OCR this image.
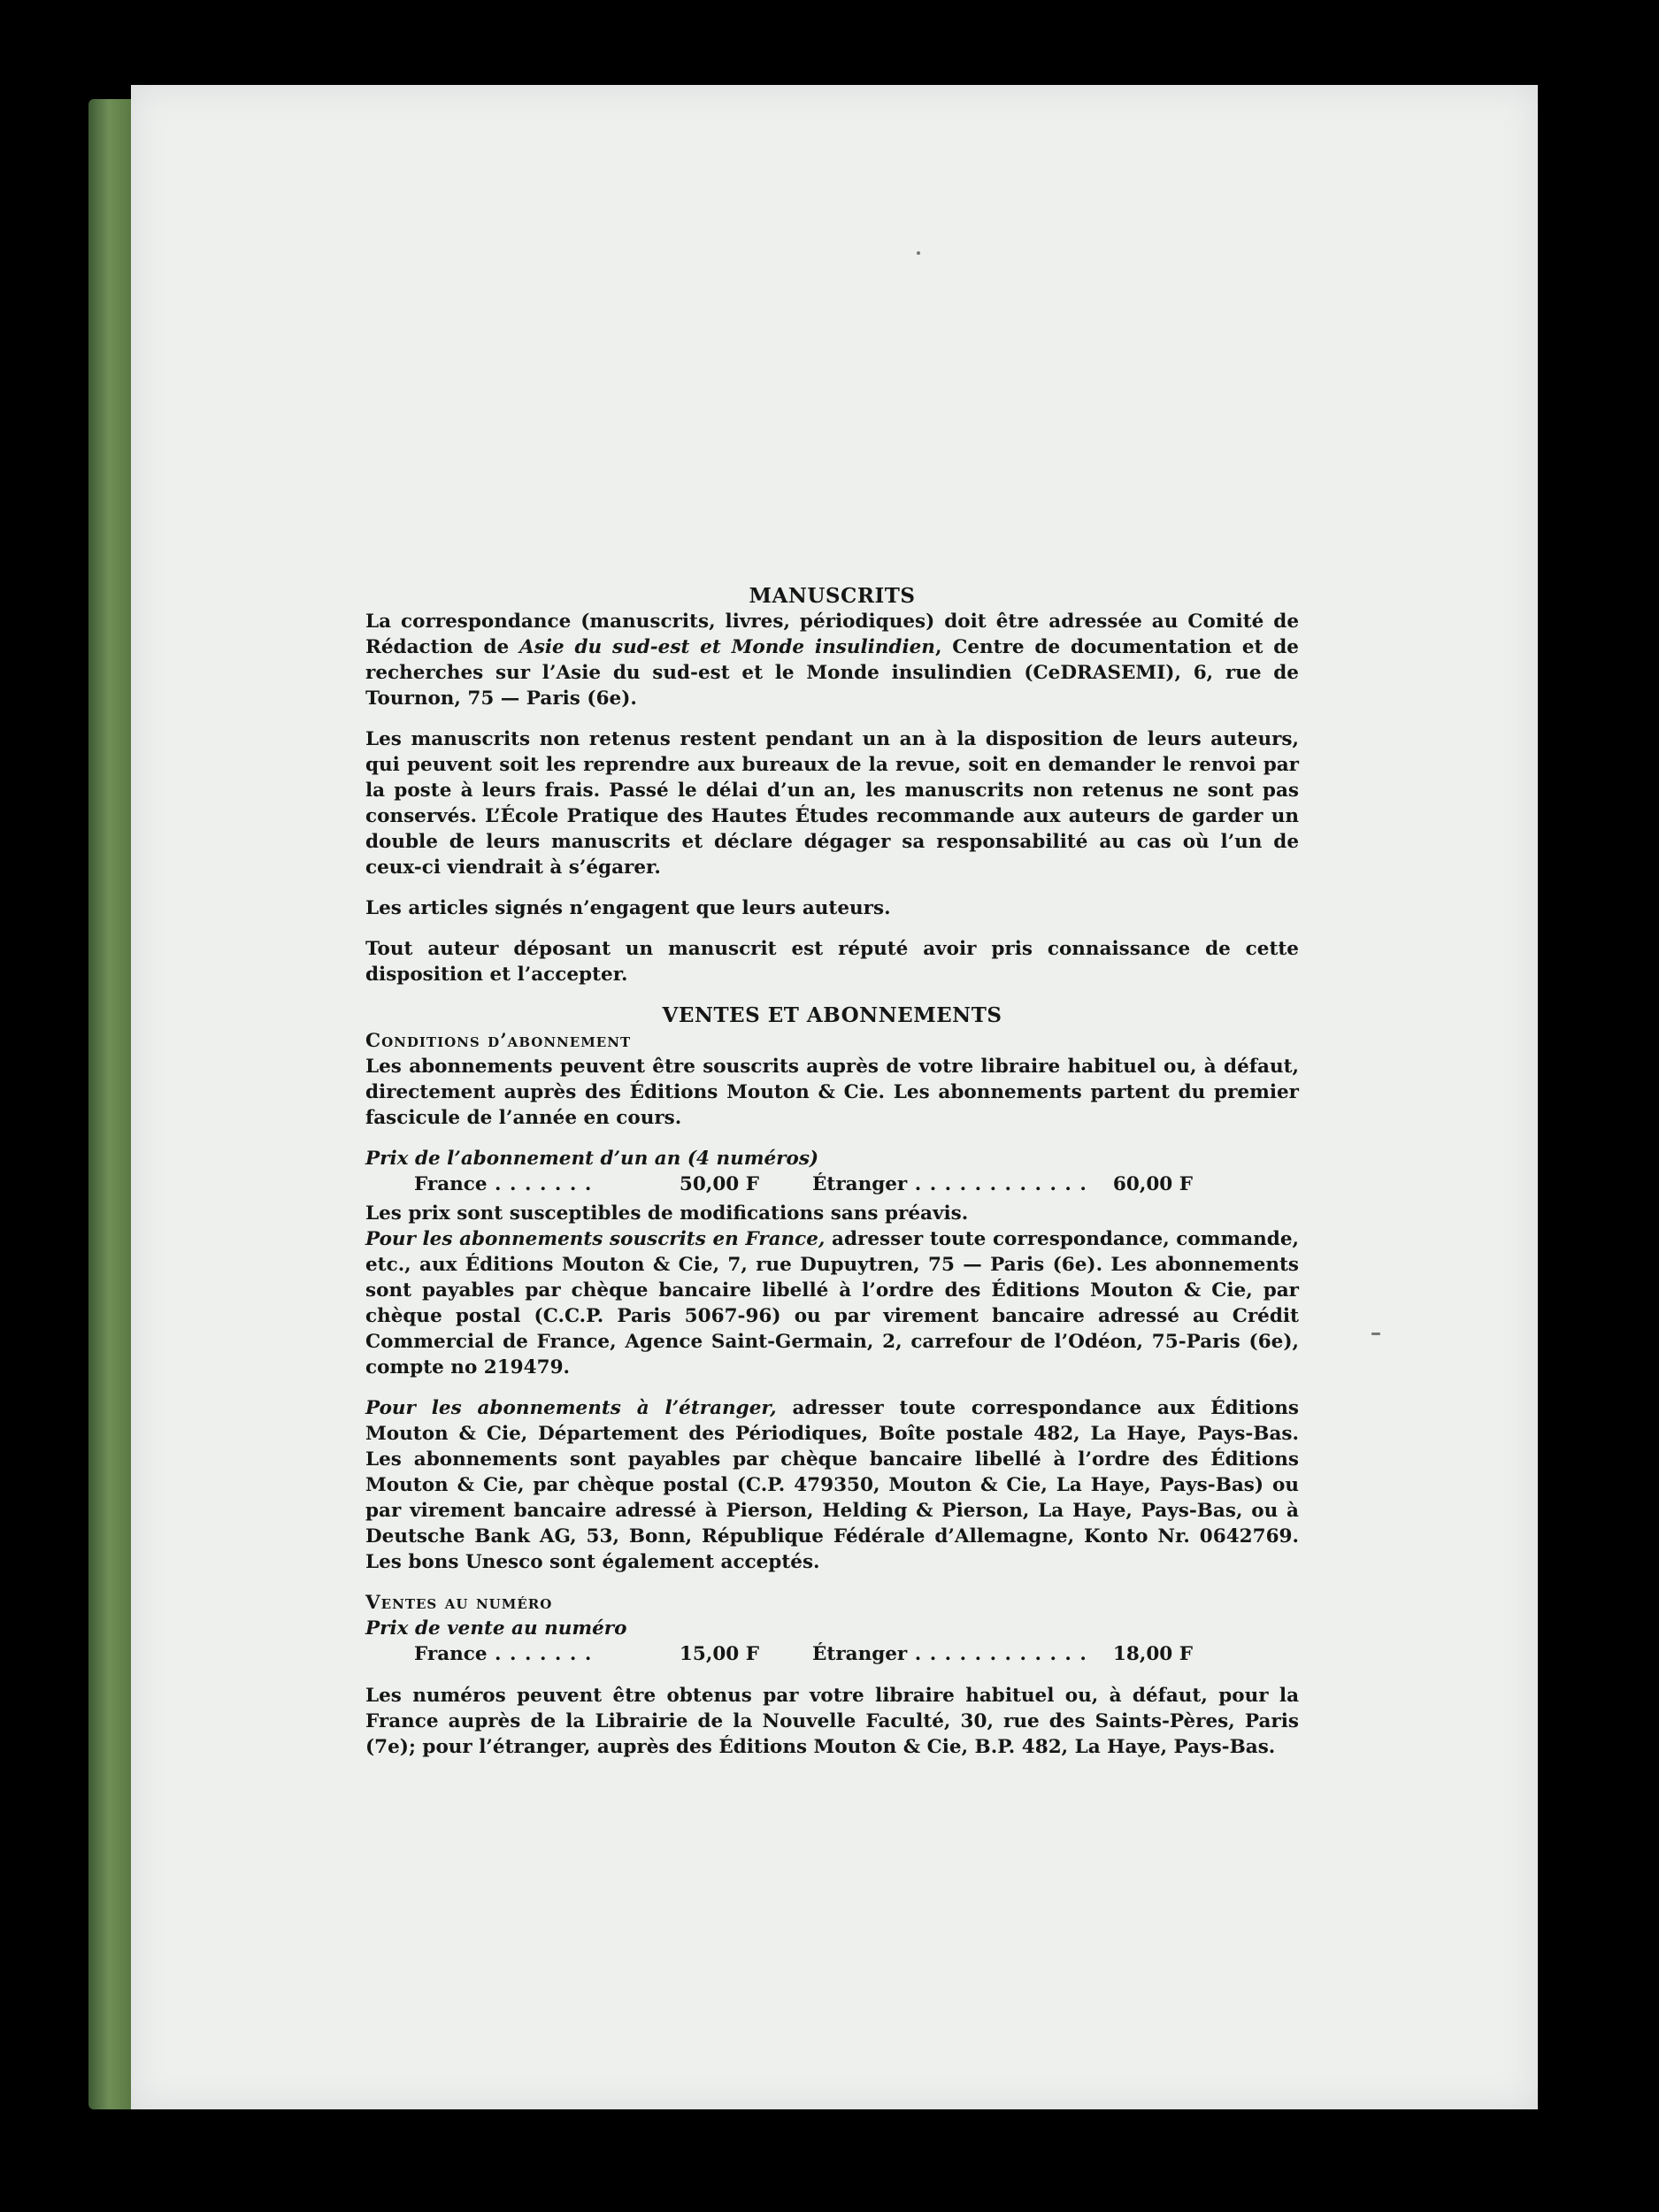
MANUSCRITS

La correspondance (manuscrits, livres, périodiques) doit être adressée au Comité de Rédaction de Asie du sud-est et Monde insulindien, Centre de documentation et de recherches sur l’Asie du sud-est et le Monde insulindien (CeDRASEMI), 6, rue de Tournon, 75 — Paris (6e).

Les manuscrits non retenus restent pendant un an à la disposition de leurs auteurs, qui peuvent soit les reprendre aux bureaux de la revue, soit en demander le renvoi par la poste à leurs frais. Passé le délai d’un an, les manuscrits non retenus ne sont pas conservés. L’École Pratique des Hautes Études recommande aux auteurs de garder un double de leurs manuscrits et déclare dégager sa responsabilité au cas où l’un de ceux-ci viendrait à s’égarer.

Les articles signés n’engagent que leurs auteurs.

Tout auteur déposant un manuscrit est réputé avoir pris connaissance de cette disposition et l’accepter.

VENTES ET ABONNEMENTS

Conditions d’abonnement

Les abonnements peuvent être souscrits auprès de votre libraire habituel ou, à défaut, directement auprès des Éditions Mouton & Cie. Les abonnements partent du premier fascicule de l’année en cours.

Prix de l’abonnement d’un an (4 numéros)

France . . .	50,00 F	Étranger . . .	60,00 F

Les prix sont susceptibles de modifications sans préavis.

Pour les abonnements souscrits en France, adresser toute correspondance, commande, etc., aux Éditions Mouton & Cie, 7, rue Dupuytren, 75 — Paris (6e). Les abonnements sont payables par chèque bancaire libellé à l’ordre des Éditions Mouton & Cie, par chèque postal (C.C.P. Paris 5067-96) ou par virement bancaire adressé au Crédit Commercial de France, Agence Saint-Germain, 2, carrefour de l’Odéon, 75-Paris (6e), compte no 219479.

Pour les abonnements à l’étranger, adresser toute correspondance aux Éditions Mouton & Cie, Département des Périodiques, Boîte postale 482, La Haye, Pays-Bas. Les abonnements sont payables par chèque bancaire libellé à l’ordre des Éditions Mouton & Cie, par chèque postal (C.P. 479350, Mouton & Cie, La Haye, Pays-Bas) ou par virement bancaire adressé à Pierson, Helding & Pierson, La Haye, Pays-Bas, ou à Deutsche Bank AG, 53, Bonn, République Fédérale d’Allemagne, Konto Nr. 0642769. Les bons Unesco sont également acceptés.

Ventes au numéro

Prix de vente au numéro

France . . .	15,00 F	Étranger . . .	18,00 F

Les numéros peuvent être obtenus par votre libraire habituel ou, à défaut, pour la France auprès de la Librairie de la Nouvelle Faculté, 30, rue des Saints-Pères, Paris (7e); pour l’étranger, auprès des Éditions Mouton & Cie, B.P. 482, La Haye, Pays-Bas.
